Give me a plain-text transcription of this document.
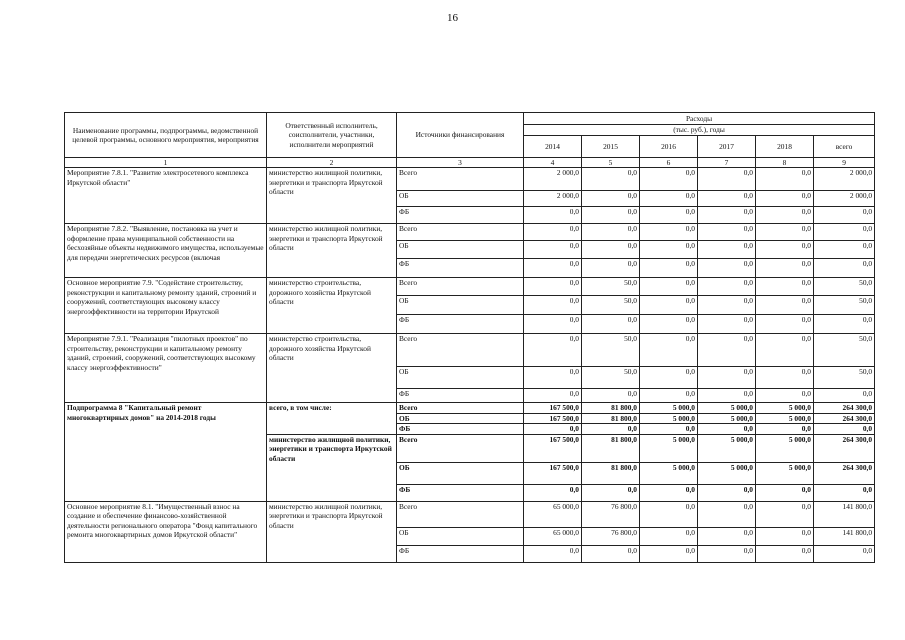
16
Наименование программы, подпрограммы, ведомственной целевой программы, основного мероприятия, мероприятия	Ответственный исполнитель, соисполнители, участники, исполнители мероприятий	Источники финансирования	Расходы					
			(тыс. руб.), годы					
			2014	2015	2016	2017	2018	всего
1	2	3	4	5	6	7	8	9
Мероприятие 7.8.1. "Развитие электросетевого комплекса Иркутской области"	министерство жилищной политики, энергетики и транспорта Иркутской области	Всего	2 000,0	0,0	0,0	0,0	0,0	2 000,0
		ОБ	2 000,0	0,0	0,0	0,0	0,0	2 000,0
		ФБ	0,0	0,0	0,0	0,0	0,0	0,0
Мероприятие 7.8.2. "Выявление, постановка на учет и оформление права муниципальной собственности на бесхозяйные объекты недвижимого имущества, используемые для передачи энергетических ресурсов (включая	министерство жилищной политики, энергетики и транспорта Иркутской области	Всего	0,0	0,0	0,0	0,0	0,0	0,0
		ОБ	0,0	0,0	0,0	0,0	0,0	0,0
		ФБ	0,0	0,0	0,0	0,0	0,0	0,0
Основное мероприятие 7.9. "Содействие строительству, реконструкции и капитальному ремонту зданий, строений и сооружений, соответствующих высокому классу энергоэффективности на территории Иркутской	министерство строительства, дорожного хозяйства Иркутской области	Всего	0,0	50,0	0,0	0,0	0,0	50,0
		ОБ	0,0	50,0	0,0	0,0	0,0	50,0
		ФБ	0,0	0,0	0,0	0,0	0,0	0,0
Мероприятие 7.9.1. "Реализация "пилотных проектов" по строительству, реконструкции и капитальному ремонту зданий, строений, сооружений, соответствующих высокому классу энергоэффективности"	министерство строительства, дорожного хозяйства Иркутской области	Всего	0,0	50,0	0,0	0,0	0,0	50,0
		ОБ	0,0	50,0	0,0	0,0	0,0	50,0
		ФБ	0,0	0,0	0,0	0,0	0,0	0,0
Подпрограмма 8 "Капитальный ремонт многоквартирных домов" на 2014-2018 годы	всего, в том числе:	Всего	167 500,0	81 800,0	5 000,0	5 000,0	5 000,0	264 300,0
		ОБ	167 500,0	81 800,0	5 000,0	5 000,0	5 000,0	264 300,0
		ФБ	0,0	0,0	0,0	0,0	0,0	0,0
	министерство жилищной политики, энергетики и транспорта Иркутской области	Всего	167 500,0	81 800,0	5 000,0	5 000,0	5 000,0	264 300,0
		ОБ	167 500,0	81 800,0	5 000,0	5 000,0	5 000,0	264 300,0
		ФБ	0,0	0,0	0,0	0,0	0,0	0,0
Основное мероприятие 8.1. "Имущественный взнос на создание и обеспечение финансово-хозяйственной деятельности регионального оператора "Фонд капитального ремонта многоквартирных домов Иркутской области"	министерство жилищной политики, энергетики и транспорта Иркутской области	Всего	65 000,0	76 800,0	0,0	0,0	0,0	141 800,0
		ОБ	65 000,0	76 800,0	0,0	0,0	0,0	141 800,0
		ФБ	0,0	0,0	0,0	0,0	0,0	0,0
